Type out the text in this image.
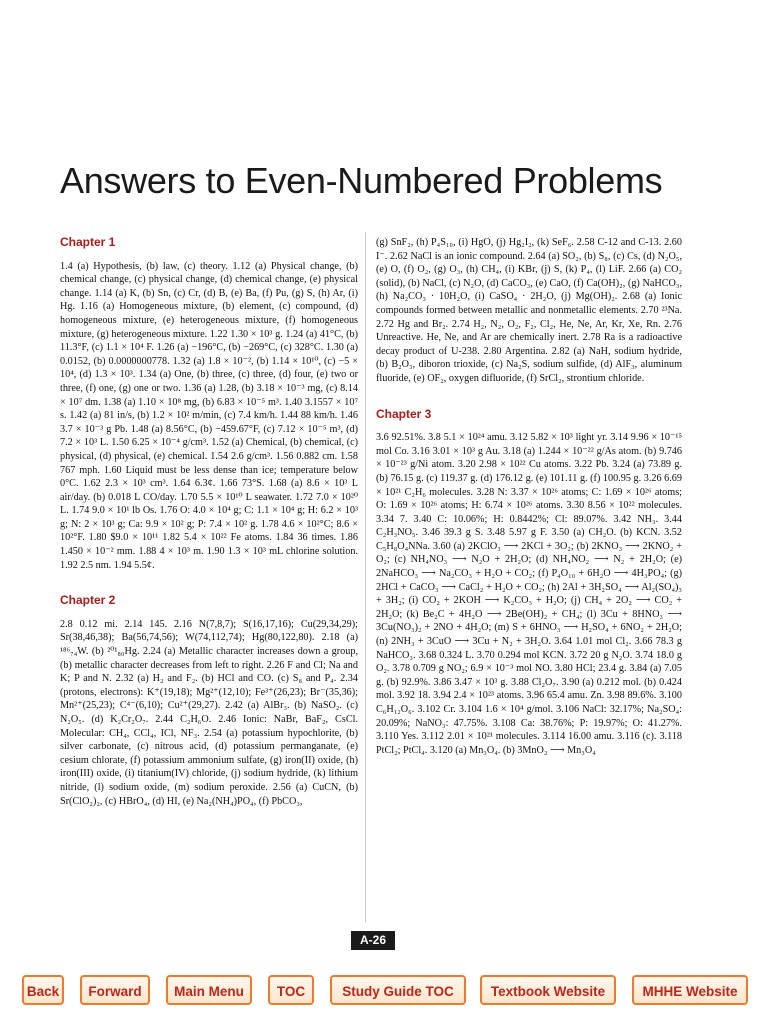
Answers to Even-Numbered Problems
Chapter 1
1.4 (a) Hypothesis, (b) law, (c) theory. 1.12 (a) Physical change, (b) chemical change, (c) physical change, (d) chemical change, (e) physical change. 1.14 (a) K, (b) Sn, (c) Cr, (d) B, (e) Ba, (f) Pu, (g) S, (h) Ar, (i) Hg. 1.16 (a) Homogeneous mixture, (b) element, (c) compound, (d) homogeneous mixture, (e) heterogeneous mixture, (f) homogeneous mixture, (g) heterogeneous mixture. 1.22 1.30 × 10³ g. 1.24 (a) 41°C, (b) 11.3°F, (c) 1.1 × 10⁴ F. 1.26 (a) −196°C, (b) −269°C, (c) 328°C. 1.30 (a) 0.0152, (b) 0.0000000778. 1.32 (a) 1.8 × 10⁻², (b) 1.14 × 10¹⁰, (c) −5 × 10⁴, (d) 1.3 × 10³. 1.34 (a) One, (b) three, (c) three, (d) four, (e) two or three, (f) one, (g) one or two. 1.36 (a) 1.28, (b) 3.18 × 10⁻³ mg, (c) 8.14 × 10⁷ dm. 1.38 (a) 1.10 × 10⁸ mg, (b) 6.83 × 10⁻⁵ m³. 1.40 3.1557 × 10⁷ s. 1.42 (a) 81 in/s, (b) 1.2 × 10² m/min, (c) 7.4 km/h. 1.44 88 km/h. 1.46 3.7 × 10⁻³ g Pb. 1.48 (a) 8.56°C, (b) −459.67°F, (c) 7.12 × 10⁻⁵ m³, (d) 7.2 × 10³ L. 1.50 6.25 × 10⁻⁴ g/cm³. 1.52 (a) Chemical, (b) chemical, (c) physical, (d) physical, (e) chemical. 1.54 2.6 g/cm³. 1.56 0.882 cm. 1.58 767 mph. 1.60 Liquid must be less dense than ice; temperature below 0°C. 1.62 2.3 × 10³ cm³. 1.64 6.3¢. 1.66 73°S. 1.68 (a) 8.6 × 10³ L air/day. (b) 0.018 L CO/day. 1.70 5.5 × 10¹⁰ L seawater. 1.72 7.0 × 10²⁰ L. 1.74 9.0 × 10¹ lb Os. 1.76 O: 4.0 × 10⁴ g; C: 1.1 × 10⁴ g; H: 6.2 × 10³ g; N: 2 × 10³ g; Ca: 9.9 × 10² g; P: 7.4 × 10² g. 1.78 4.6 × 10²°C; 8.6 × 10²°F. 1.80 $9.0 × 10¹¹ 1.82 5.4 × 10²² Fe atoms. 1.84 36 times. 1.86 1.450 × 10⁻² mm. 1.88 4 × 10³ m. 1.90 1.3 × 10³ mL chlorine solution. 1.92 2.5 nm. 1.94 5.5¢.
Chapter 2
2.8 0.12 mi. 2.14 145. 2.16 N(7,8,7); S(16,17,16); Cu(29,34,29); Sr(38,46,38); Ba(56,74,56); W(74,112,74); Hg(80,122,80). 2.18 (a) ¹⁸⁶₇₄W. (b) ²⁰¹₈₀Hg. 2.24 (a) Metallic character increases down a group, (b) metallic character decreases from left to right. 2.26 F and Cl; Na and K; P and N. 2.32 (a) H₂ and F₂. (b) HCl and CO. (c) S₈ and P₄. 2.34 (protons, electrons): K⁺(19,18); Mg²⁺(12,10); Fe³⁺(26,23); Br⁻(35,36); Mn²⁺(25,23); C⁴⁻(6,10); Cu²⁺(29,27). 2.42 (a) AlBr₃. (b) NaSO₂. (c) N₂O₅. (d) K₂Cr₂O₇. 2.44 C₂H₆O. 2.46 Ionic: NaBr, BaF₂, CsCl. Molecular: CH₄, CCl₄, ICl, NF₃. 2.54 (a) potassium hypochlorite, (b) silver carbonate, (c) nitrous acid, (d) potassium permanganate, (e) cesium chlorate, (f) potassium ammonium sulfate, (g) iron(II) oxide, (h) iron(III) oxide, (i) titanium(IV) chloride, (j) sodium hydride, (k) lithium nitride, (l) sodium oxide, (m) sodium peroxide. 2.56 (a) CuCN, (b) Sr(ClO₂)₂, (c) HBrO₄, (d) HI, (e) Na₂(NH₄)PO₄, (f) PbCO₃,
(g) SnF₂, (h) P₄S₁₀, (i) HgO, (j) Hg₂I₂, (k) SeF₆. 2.58 C-12 and C-13. 2.60 I⁻. 2.62 NaCl is an ionic compound. 2.64 (a) SO₂, (b) S₈, (c) Cs, (d) N₂O₅, (e) O, (f) O₂, (g) O₃, (h) CH₄, (i) KBr, (j) S, (k) P₄, (l) LiF. 2.66 (a) CO₂ (solid), (b) NaCl, (c) N₂O, (d) CaCO₃, (e) CaO, (f) Ca(OH)₂, (g) NaHCO₃, (h) Na₂CO₃ · 10H₂O, (i) CaSO₄ · 2H₂O, (j) Mg(OH)₂. 2.68 (a) Ionic compounds formed between metallic and nonmetallic elements. 2.70 ²³Na. 2.72 Hg and Br₂. 2.74 H₂, N₂, O₂, F₂, Cl₂, He, Ne, Ar, Kr, Xe, Rn. 2.76 Unreactive. He, Ne, and Ar are chemically inert. 2.78 Ra is a radioactive decay product of U-238. 2.80 Argentina. 2.82 (a) NaH, sodium hydride, (b) B₂O₃, diboron trioxide, (c) Na₂S, sodium sulfide, (d) AlF₃, aluminum fluoride, (e) OF₂, oxygen difluoride, (f) SrCl₂, strontium chloride.
Chapter 3
3.6 92.51%. 3.8 5.1 × 10²⁴ amu. 3.12 5.82 × 10³ light yr. 3.14 9.96 × 10⁻¹⁵ mol Co. 3.16 3.01 × 10³ g Au. 3.18 (a) 1.244 × 10⁻²² g/As atom. (b) 9.746 × 10⁻²³ g/Ni atom. 3.20 2.98 × 10²² Cu atoms. 3.22 Pb. 3.24 (a) 73.89 g. (b) 76.15 g. (c) 119.37 g. (d) 176.12 g. (e) 101.11 g. (f) 100.95 g. 3.26 6.69 × 10²¹ C₂H₆ molecules. 3.28 N: 3.37 × 10²⁶ atoms; C: 1.69 × 10²⁶ atoms; O: 1.69 × 10²⁶ atoms; H: 6.74 × 10²⁶ atoms. 3.30 8.56 × 10²² molecules. 3.34 7. 3.40 C: 10.06%; H: 0.8442%; Cl: 89.07%. 3.42 NH₃. 3.44 C₂H₃NO₅. 3.46 39.3 g S. 3.48 5.97 g F. 3.50 (a) CH₂O. (b) KCN. 3.52 C₅H₈O₄NNa. 3.60 (a) 2KClO₃ ⟶ 2KCl + 3O₂; (b) 2KNO₃ ⟶ 2KNO₂ + O₂; (c) NH₄NO₃ ⟶ N₂O + 2H₂O; (d) NH₄NO₂ ⟶ N₂ + 2H₂O; (e) 2NaHCO₃ ⟶ Na₂CO₃ + H₂O + CO₂; (f) P₄O₁₀ + 6H₂O ⟶ 4H₃PO₄; (g) 2HCl + CaCO₃ ⟶ CaCl₂ + H₂O + CO₂; (h) 2Al + 3H₂SO₄ ⟶ Al₂(SO₄)₃ + 3H₂; (i) CO₂ + 2KOH ⟶ K₂CO₃ + H₂O; (j) CH₄ + 2O₂ ⟶ CO₂ + 2H₂O; (k) Be₂C + 4H₂O ⟶ 2Be(OH)₂ + CH₄; (l) 3Cu + 8HNO₃ ⟶ 3Cu(NO₃)₂ + 2NO + 4H₂O; (m) S + 6HNO₃ ⟶ H₂SO₄ + 6NO₂ + 2H₂O; (n) 2NH₃ + 3CuO ⟶ 3Cu + N₂ + 3H₂O. 3.64 1.01 mol Cl₂. 3.66 78.3 g NaHCO₃. 3.68 0.324 L. 3.70 0.294 mol KCN. 3.72 20 g N₂O. 3.74 18.0 g O₂. 3.78 0.709 g NO₂; 6.9 × 10⁻³ mol NO. 3.80 HCl; 23.4 g. 3.84 (a) 7.05 g. (b) 92.9%. 3.86 3.47 × 10³ g. 3.88 Cl₂O₇. 3.90 (a) 0.212 mol. (b) 0.424 mol. 3.92 18. 3.94 2.4 × 10²³ atoms. 3.96 65.4 amu. Zn. 3.98 89.6%. 3.100 C₆H₁₂O₆. 3.102 Cr. 3.104 1.6 × 10⁴ g/mol. 3.106 NaCl: 32.17%; Na₂SO₄: 20.09%; NaNO₃: 47.75%. 3.108 Ca: 38.76%; P: 19.97%; O: 41.27%. 3.110 Yes. 3.112 2.01 × 10²¹ molecules. 3.114 16.00 amu. 3.116 (c). 3.118 PtCl₂; PtCl₄. 3.120 (a) Mn₃O₄. (b) 3MnO₂ ⟶ Mn₃O₄
A-26
Back	Forward	Main Menu	TOC	Study Guide TOC	Textbook Website	MHHE Website
